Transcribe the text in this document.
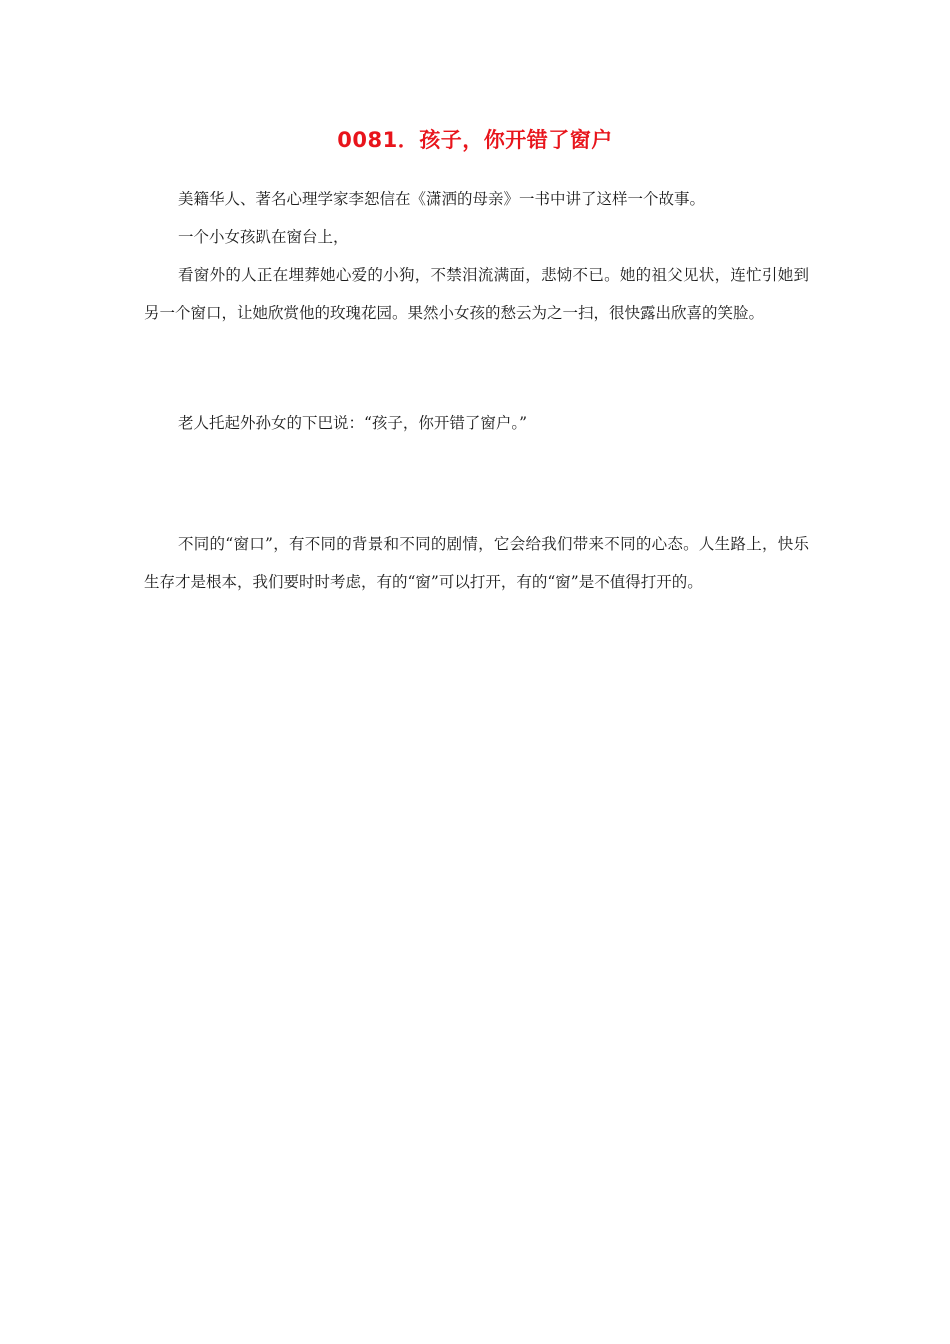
0081．孩子，你开错了窗户

美籍华人、著名心理学家李恕信在《潇洒的母亲》一书中讲了这样一个故事。

一个小女孩趴在窗台上，

看窗外的人正在埋葬她心爱的小狗，不禁泪流满面，悲恸不已。她的祖父见状，连忙引她到另一个窗口，让她欣赏他的玫瑰花园。果然小女孩的愁云为之一扫，很快露出欣喜的笑脸。

老人托起外孙女的下巴说：“孩子，你开错了窗户。”

不同的“窗口”，有不同的背景和不同的剧情，它会给我们带来不同的心态。人生路上，快乐生存才是根本，我们要时时考虑，有的“窗”可以打开，有的“窗”是不值得打开的。
